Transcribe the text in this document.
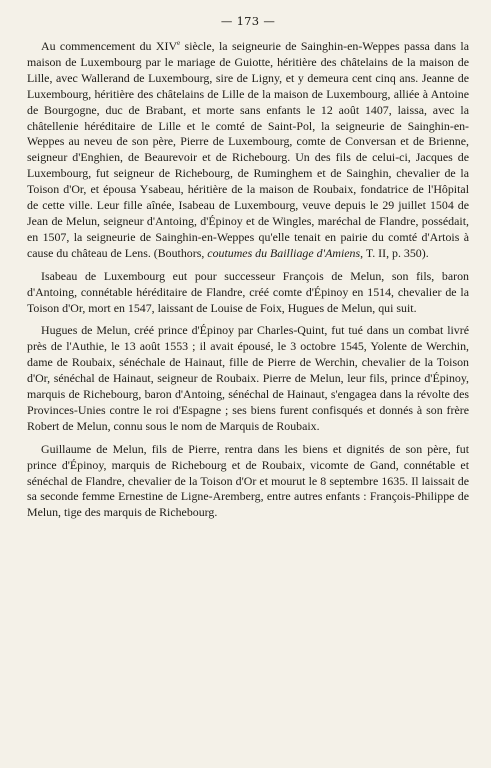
— 173 —

Au commencement du XIVe siècle, la seigneurie de Sainghin-en-Weppes passa dans la maison de Luxembourg par le mariage de Guiotte, héritière des châtelains de la maison de Lille, avec Wallerand de Luxembourg, sire de Ligny, et y demeura cent cinq ans. Jeanne de Luxembourg, héritière des châtelains de Lille de la maison de Luxembourg, alliée à Antoine de Bourgogne, duc de Brabant, et morte sans enfants le 12 août 1407, laissa, avec la châtellenie héréditaire de Lille et le comté de Saint-Pol, la seigneurie de Sainghin-en-Weppes au neveu de son père, Pierre de Luxembourg, comte de Conversan et de Brienne, seigneur d'Enghien, de Beaurevoir et de Richebourg. Un des fils de celui-ci, Jacques de Luxembourg, fut seigneur de Richebourg, de Ruminghem et de Sainghin, chevalier de la Toison d'Or, et épousa Ysabeau, héritière de la maison de Roubaix, fondatrice de l'Hôpital de cette ville. Leur fille aînée, Isabeau de Luxembourg, veuve depuis le 29 juillet 1504 de Jean de Melun, seigneur d'Antoing, d'Épinoy et de Wingles, maréchal de Flandre, possédait, en 1507, la seigneurie de Sainghin-en-Weppes qu'elle tenait en pairie du comté d'Artois à cause du château de Lens. (Bouthors, coutumes du Bailliage d'Amiens, T. II, p. 350).

Isabeau de Luxembourg eut pour successeur François de Melun, son fils, baron d'Antoing, connétable héréditaire de Flandre, créé comte d'Épinoy en 1514, chevalier de la Toison d'Or, mort en 1547, laissant de Louise de Foix, Hugues de Melun, qui suit.

Hugues de Melun, créé prince d'Épinoy par Charles-Quint, fut tué dans un combat livré près de l'Authie, le 13 août 1553 ; il avait épousé, le 3 octobre 1545, Yolente de Werchin, dame de Roubaix, sénéchale de Hainaut, fille de Pierre de Werchin, chevalier de la Toison d'Or, sénéchal de Hainaut, seigneur de Roubaix. Pierre de Melun, leur fils, prince d'Épinoy, marquis de Richebourg, baron d'Antoing, sénéchal de Hainaut, s'engagea dans la révolte des Provinces-Unies contre le roi d'Espagne ; ses biens furent confisqués et donnés à son frère Robert de Melun, connu sous le nom de Marquis de Roubaix.

Guillaume de Melun, fils de Pierre, rentra dans les biens et dignités de son père, fut prince d'Épinoy, marquis de Richebourg et de Roubaix, vicomte de Gand, connétable et sénéchal de Flandre, chevalier de la Toison d'Or et mourut le 8 septembre 1635. Il laissait de sa seconde femme Ernestine de Ligne-Aremberg, entre autres enfants : François-Philippe de Melun, tige des marquis de Richebourg.
